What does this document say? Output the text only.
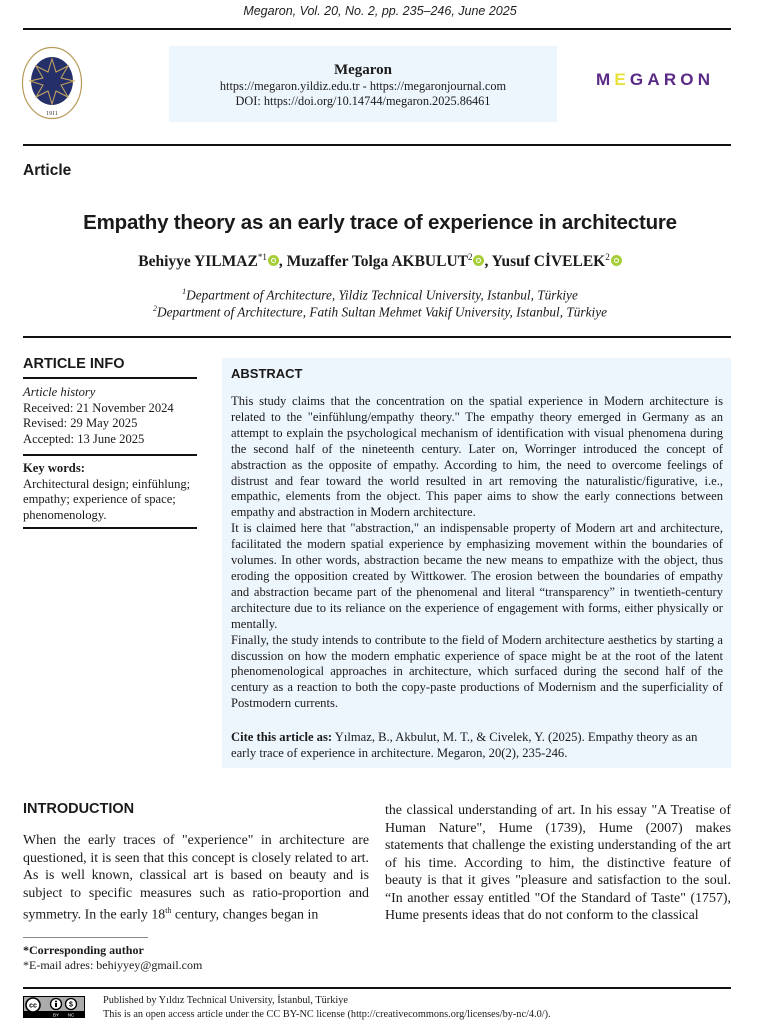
Megaron, Vol. 20, No. 2, pp. 235–246, June 2025
1911
Megaron
https://megaron.yildiz.edu.tr - https://megaronjournal.com
DOI: https://doi.org/10.14744/megaron.2025.86461
MEGARON
Article
Empathy theory as an early trace of experience in architecture
Behiyye YILMAZ$^{*1}$ , Muzaffer Tolga AKBULUT$^2$ , Yusuf CİVELEK$^2$
$^1$Department of Architecture, Yildiz Technical University, Istanbul, Türkiye
$^2$Department of Architecture, Fatih Sultan Mehmet Vakif University, Istanbul, Türkiye
ARTICLE INFO
Article history
Received: 21 November 2024
Revised: 29 May 2025
Accepted: 13 June 2025
Key words:
Architectural design; einfühlung; empathy; experience of space; phenomenology.
ABSTRACT

This study claims that the concentration on the spatial experience in Modern architecture is related to the "einfühlung/empathy theory." The empathy theory emerged in Germany as an attempt to explain the psychological mechanism of identification with visual phenomena during the second half of the nineteenth century. Later on, Worringer introduced the concept of abstraction as the opposite of empathy. According to him, the need to overcome feelings of distrust and fear toward the world resulted in art removing the naturalistic/figurative, i.e., empathic, elements from the object. This paper aims to show the early connections between empathy and abstraction in Modern architecture.

It is claimed here that "abstraction," an indispensable property of Modern art and architecture, facilitated the modern spatial experience by emphasizing movement within the boundaries of volumes. In other words, abstraction became the new means to empathize with the object, thus eroding the opposition created by Wittkower. The erosion between the boundaries of empathy and abstraction became part of the phenomenal and literal “transparency” in twentieth-century architecture due to its reliance on the experience of engagement with forms, either physically or mentally.

Finally, the study intends to contribute to the field of Modern architecture aesthetics by starting a discussion on how the modern emphatic experience of space might be at the root of the latent phenomenological approaches in architecture, which surfaced during the second half of the century as a reaction to both the copy-paste productions of Modernism and the superficiality of Postmodern currents.

Cite this article as: Yılmaz, B., Akbulut, M. T., & Civelek, Y. (2025). Empathy theory as an early trace of experience in architecture. Megaron, 20(2), 235-246.
INTRODUCTION
When the early traces of "experience" in architecture are questioned, it is seen that this concept is closely related to art. As is well known, classical art is based on beauty and is subject to specific measures such as ratio-proportion and symmetry. In the early 18th century, changes began in
the classical understanding of art. In his essay "A Treatise of Human Nature", Hume (1739), Hume (2007) makes statements that challenge the existing understanding of the art of his time. According to him, the distinctive feature of beauty is that it gives "pleasure and satisfaction to the soul. “In another essay entitled "Of the Standard of Taste" (1757), Hume presents ideas that do not conform to the classical
*Corresponding author
*E-mail adres: behiyyey@gmail.com
cc	$
BY NC
Published by Yıldız Technical University, İstanbul, Türkiye
This is an open access article under the CC BY-NC license (http://creativecommons.org/licenses/by-nc/4.0/).
